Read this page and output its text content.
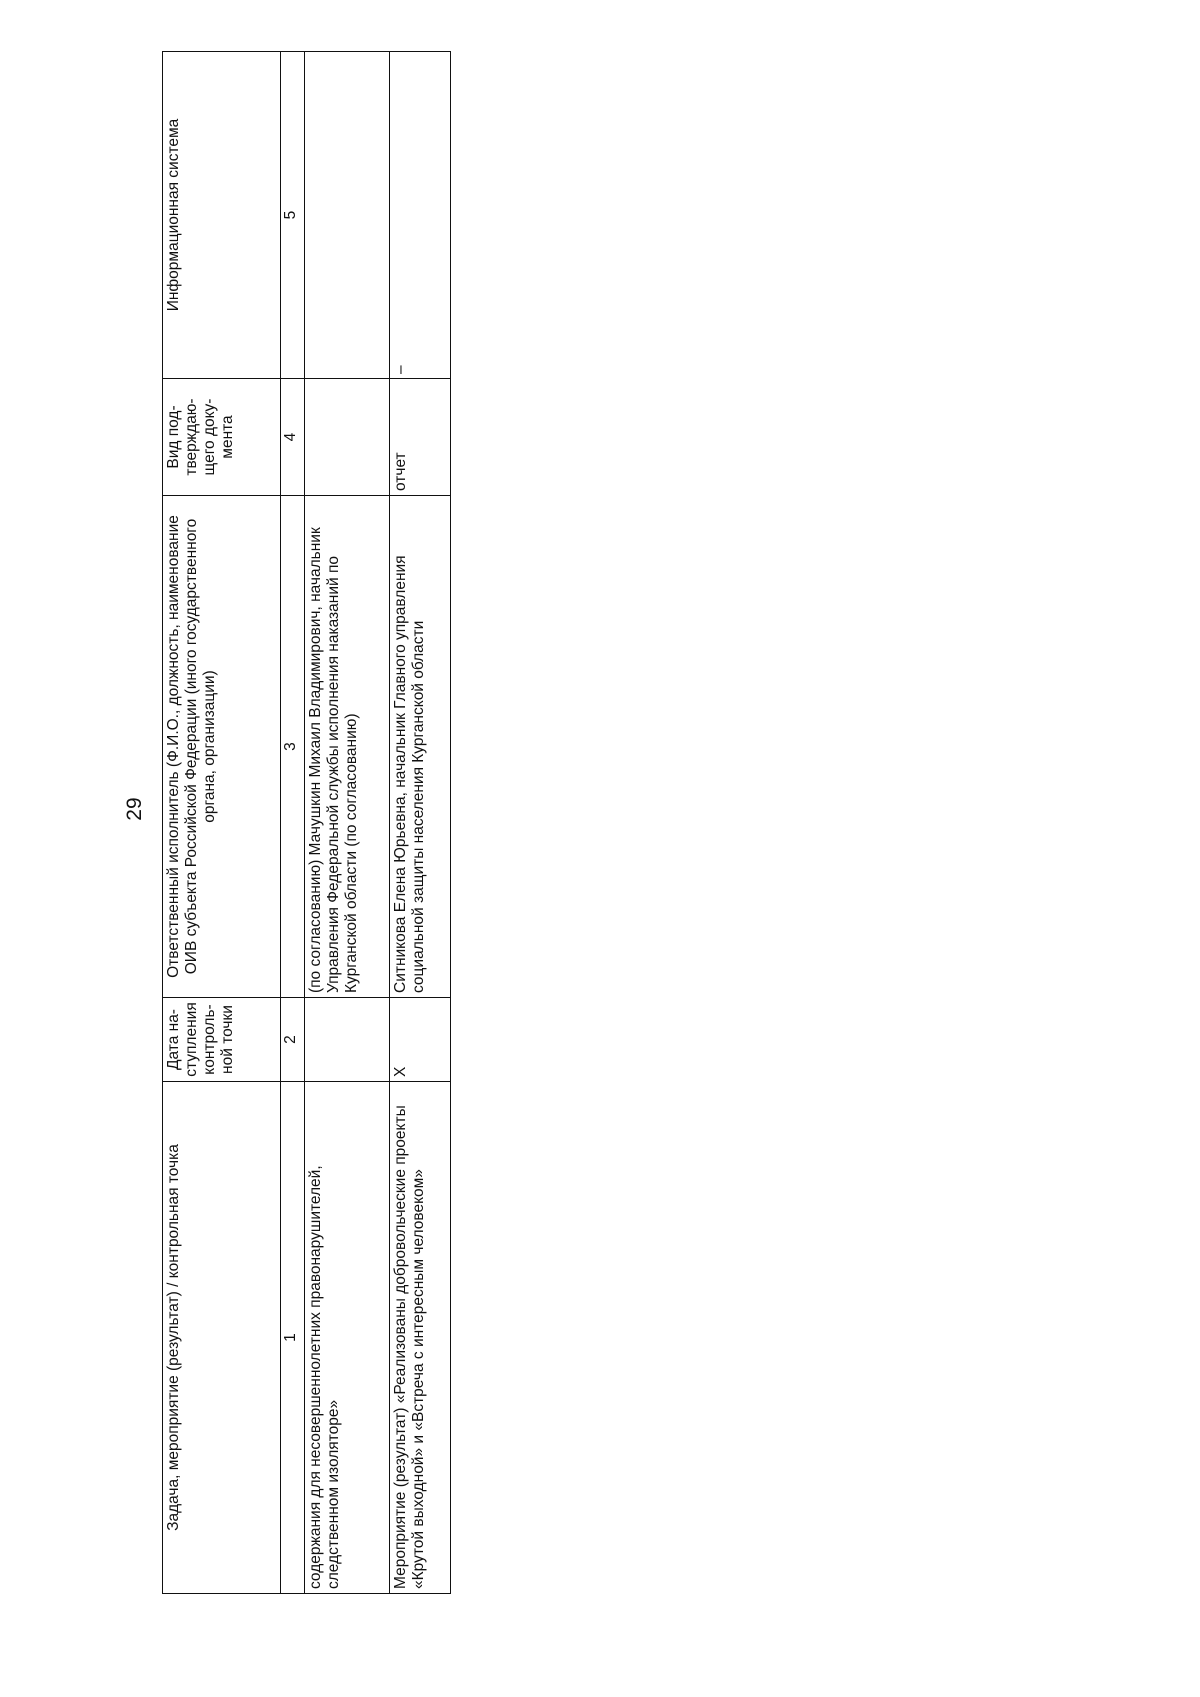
29
Задача, мероприятие (результат) / контрольная точка	Дата на-ступления контроль-ной точки	Ответственный исполнитель (Ф.И.О., должность, наименование ОИВ субъекта Российской Федерации (иного государственного органа, организации)	Вид под-тверждаю-щего доку-мента	Информационная система
1	2	3	4	5
содержания для несовершеннолетних правонарушителей, следственном изоляторе»		(по согласованию) Мачушкин Михаил Владимирович, начальник Управления Федеральной службы исполнения наказаний по Курганской области (по согласованию)		
Мероприятие (результат) «Реализованы добровольческие проекты «Крутой выходной» и «Встреча с интересным человеком»	Х	Ситникова Елена Юрьевна, начальник Главного управления социальной защиты населения Курганской области	отчет	–
